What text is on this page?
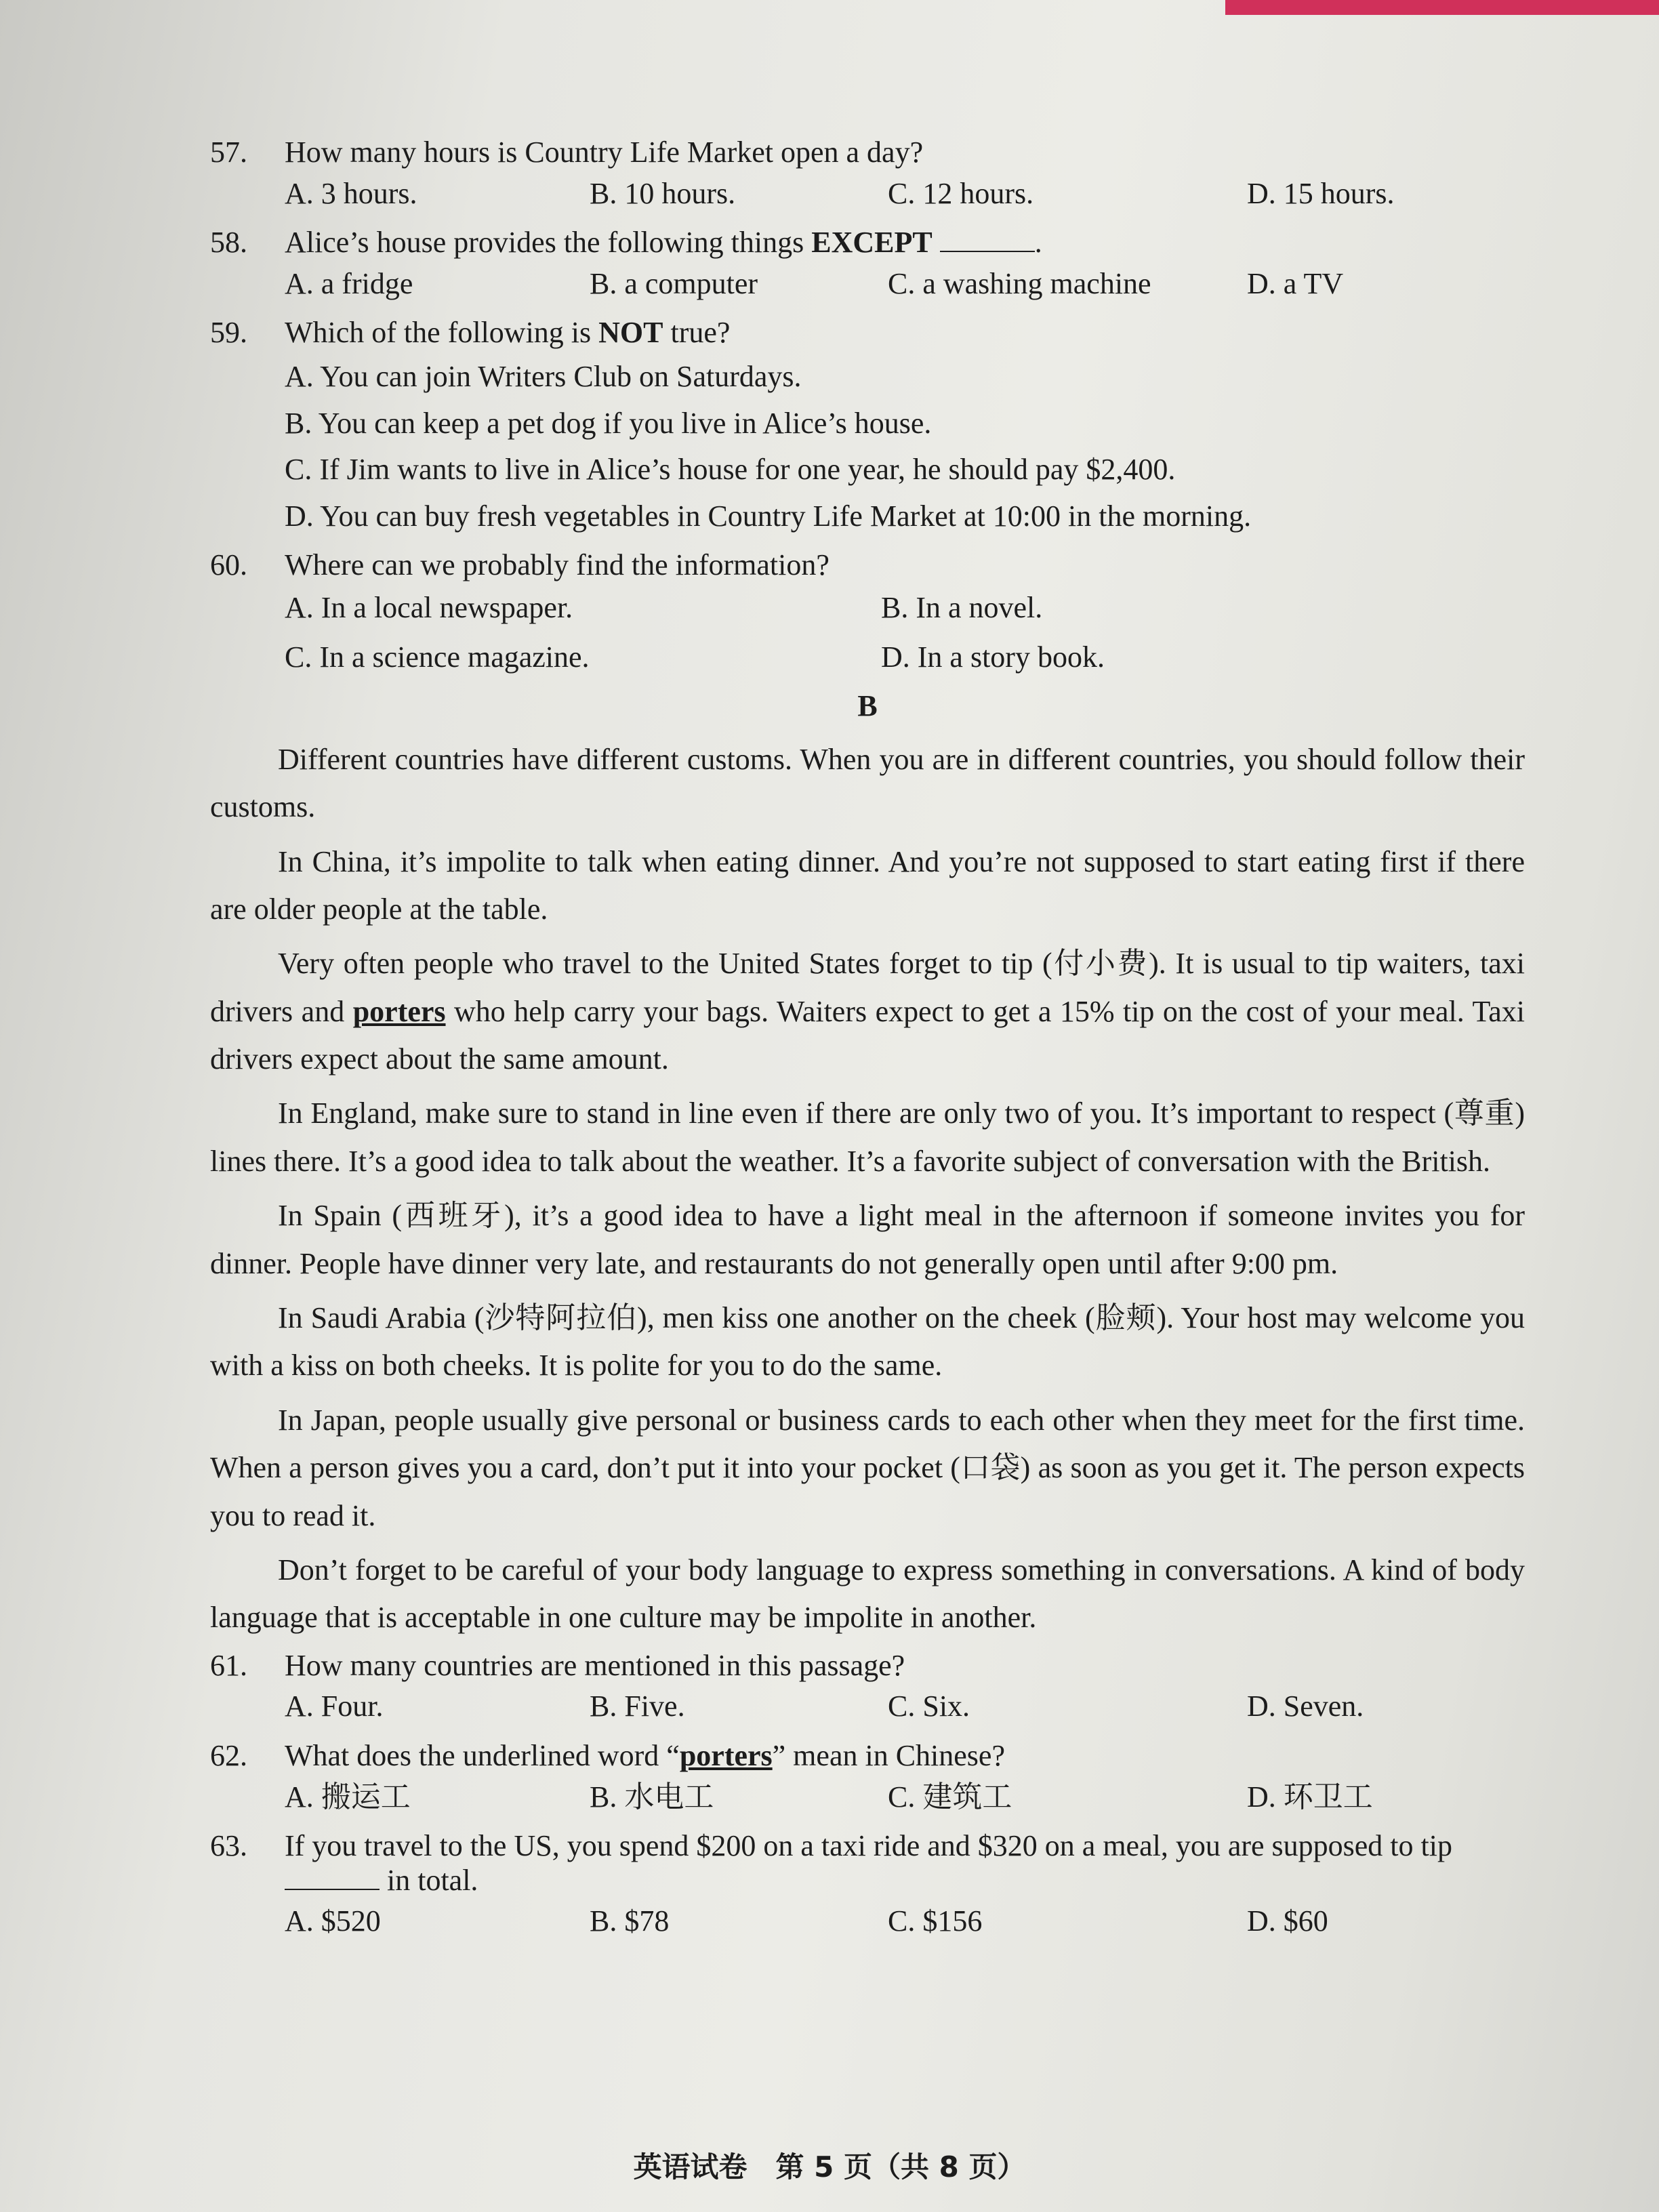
57.	How many hours is Country Life Market open a day?
A. 3 hours.	B. 10 hours.	C. 12 hours.	D. 15 hours.
58.	Alice’s house provides the following things EXCEPT	.
A. a fridge	B. a computer	C. a washing machine	D. a TV
59.	Which of the following is NOT true?
A. You can join Writers Club on Saturdays.
B. You can keep a pet dog if you live in Alice’s house.
C. If Jim wants to live in Alice’s house for one year, he should pay $2,400.
D. You can buy fresh vegetables in Country Life Market at 10:00 in the morning.
60.	Where can we probably find the information?
A. In a local newspaper.	B. In a novel.
C. In a science magazine.	D. In a story book.
B

Different countries have different customs. When you are in different countries, you should follow their customs.

In China, it’s impolite to talk when eating dinner. And you’re not supposed to start eating first if there are older people at the table.

Very often people who travel to the United States forget to tip (付小费). It is usual to tip waiters, taxi drivers and porters who help carry your bags. Waiters expect to get a 15% tip on the cost of your meal. Taxi drivers expect about the same amount.

In England, make sure to stand in line even if there are only two of you. It’s important to respect (尊重) lines there. It’s a good idea to talk about the weather. It’s a favorite subject of conversation with the British.

In Spain (西班牙), it’s a good idea to have a light meal in the afternoon if someone invites you for dinner. People have dinner very late, and restaurants do not generally open until after 9:00 pm.

In Saudi Arabia (沙特阿拉伯), men kiss one another on the cheek (脸颊). Your host may welcome you with a kiss on both cheeks. It is polite for you to do the same.

In Japan, people usually give personal or business cards to each other when they meet for the first time. When a person gives you a card, don’t put it into your pocket (口袋) as soon as you get it. The person expects you to read it.

Don’t forget to be careful of your body language to express something in conversations. A kind of body language that is acceptable in one culture may be impolite in another.

61.	How many countries are mentioned in this passage?
A. Four.	B. Five.	C. Six.	D. Seven.
62.	What does the underlined word “porters” mean in Chinese?
A. 搬运工	B. 水电工	C. 建筑工	D. 环卫工
63.	If you travel to the US, you spend $200 on a taxi ride and $320 on a meal, you are supposed to tip  in total.
A. $520	B. $78	C. $156	D. $60
英语试卷　第 5 页（共 8 页）
